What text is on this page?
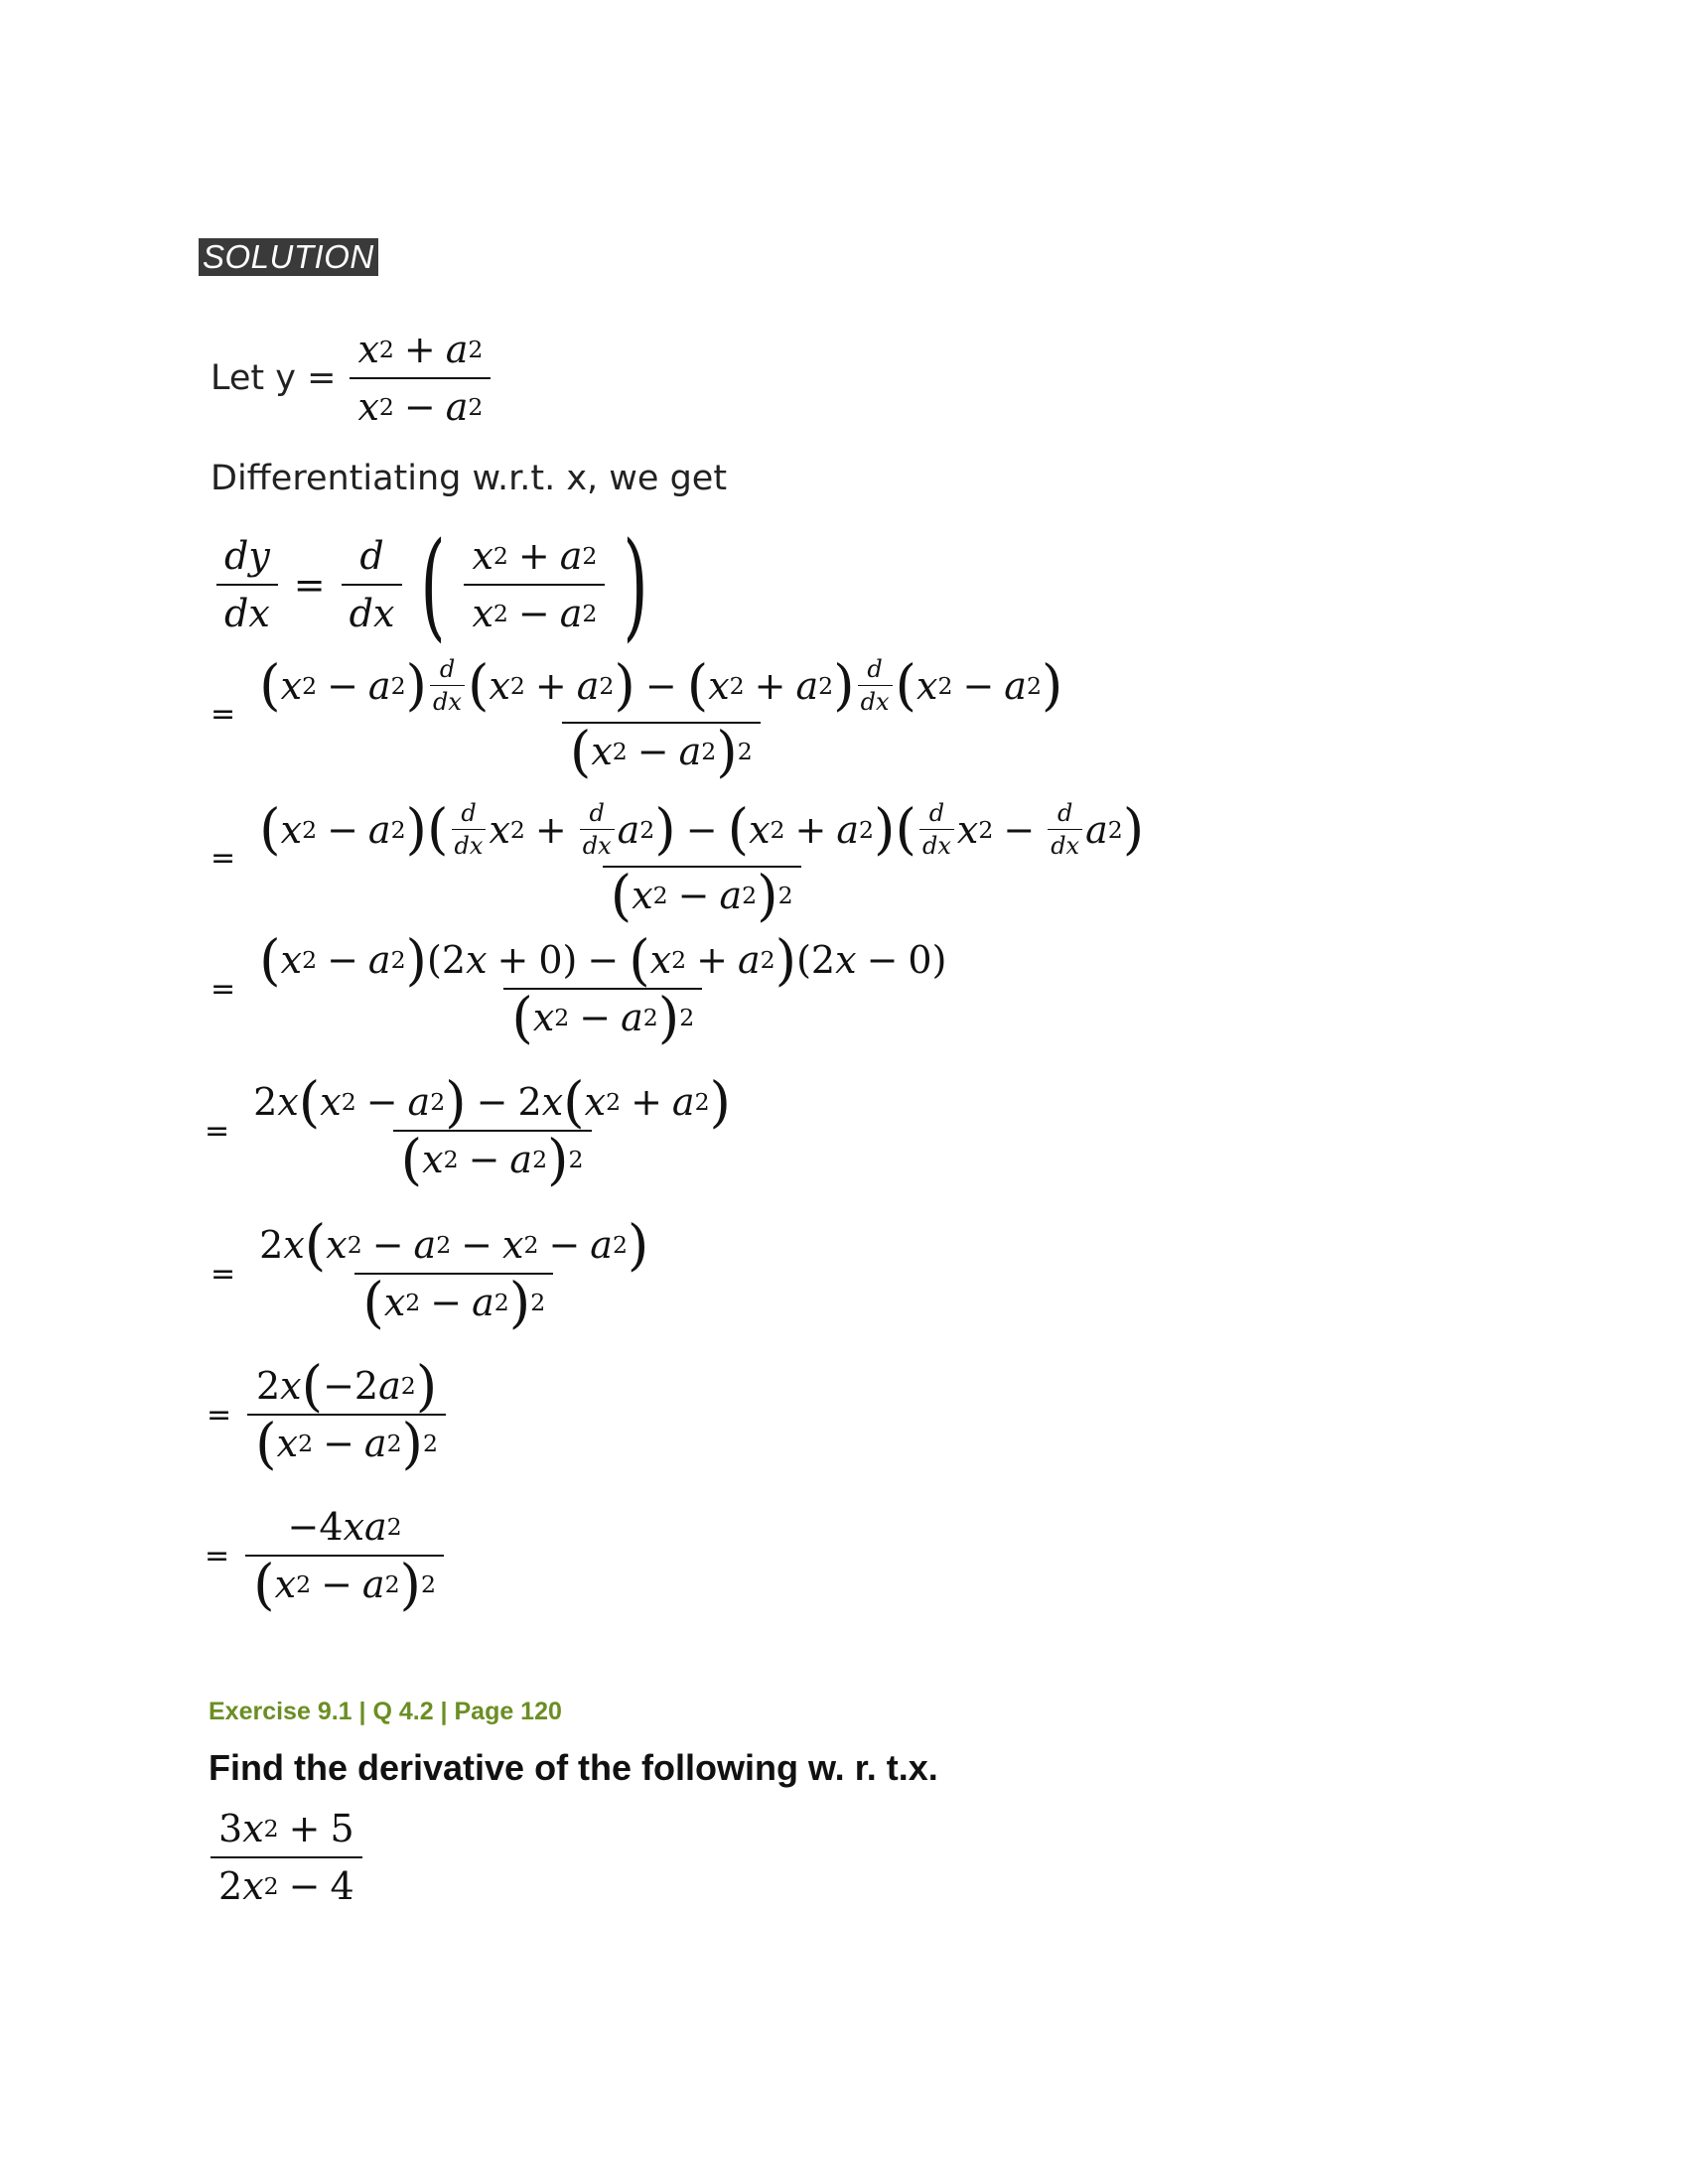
SOLUTION
Let $y = \frac{x 2 + a 2}{x 2 - a 2}$
Differentiating w.r.t. x, we get
$\frac{dy}{dx} = \frac{d}{dx}$ ( $\frac{x 2 + a 2}{x 2 - a 2}$ )
= ( x 2 − a 2 ) $\frac{d}{dx}$ ( x 2 + a 2 ) − ( x 2 + a 2 ) $\frac{d}{dx}$ ( x 2 − a 2 )
( x 2 − a 2 ) 2
= ( x 2 − a 2 ) ( $\frac{d}{dx}$ x $2 + \frac{d}{dx}$ a 2 ) − ( x 2 + a 2 ) ( $\frac{d}{dx}$ x $2 - \frac{d}{dx}$ a 2 )
( x 2 − a 2 ) 2
= $\frac{( x 2 - a 2 ) (2 x + 0) - ( x 2 + a 2 ) (2 x - 0)}{( x 2 - a 2 ) 2}$
= $\frac{2 x ( x 2 - a 2 ) - 2 x ( x 2 + a 2 )}{( x 2 - a 2 ) 2}$
= $\frac{2 x ( x 2 - a 2 - x 2 - a 2 )}{( x 2 - a 2 ) 2}$
= $\frac{2 x ( -2 a 2 )}{( x 2 - a 2 ) 2}$
= $\frac{-4 xa 2}{( x 2 - a 2 ) 2}$
Exercise 9.1 | Q 4.2 | Page 120
Find the derivative of the following w. r. t.x.
$\frac{3 x 2 + 5}{2 x 2 - 4}$
